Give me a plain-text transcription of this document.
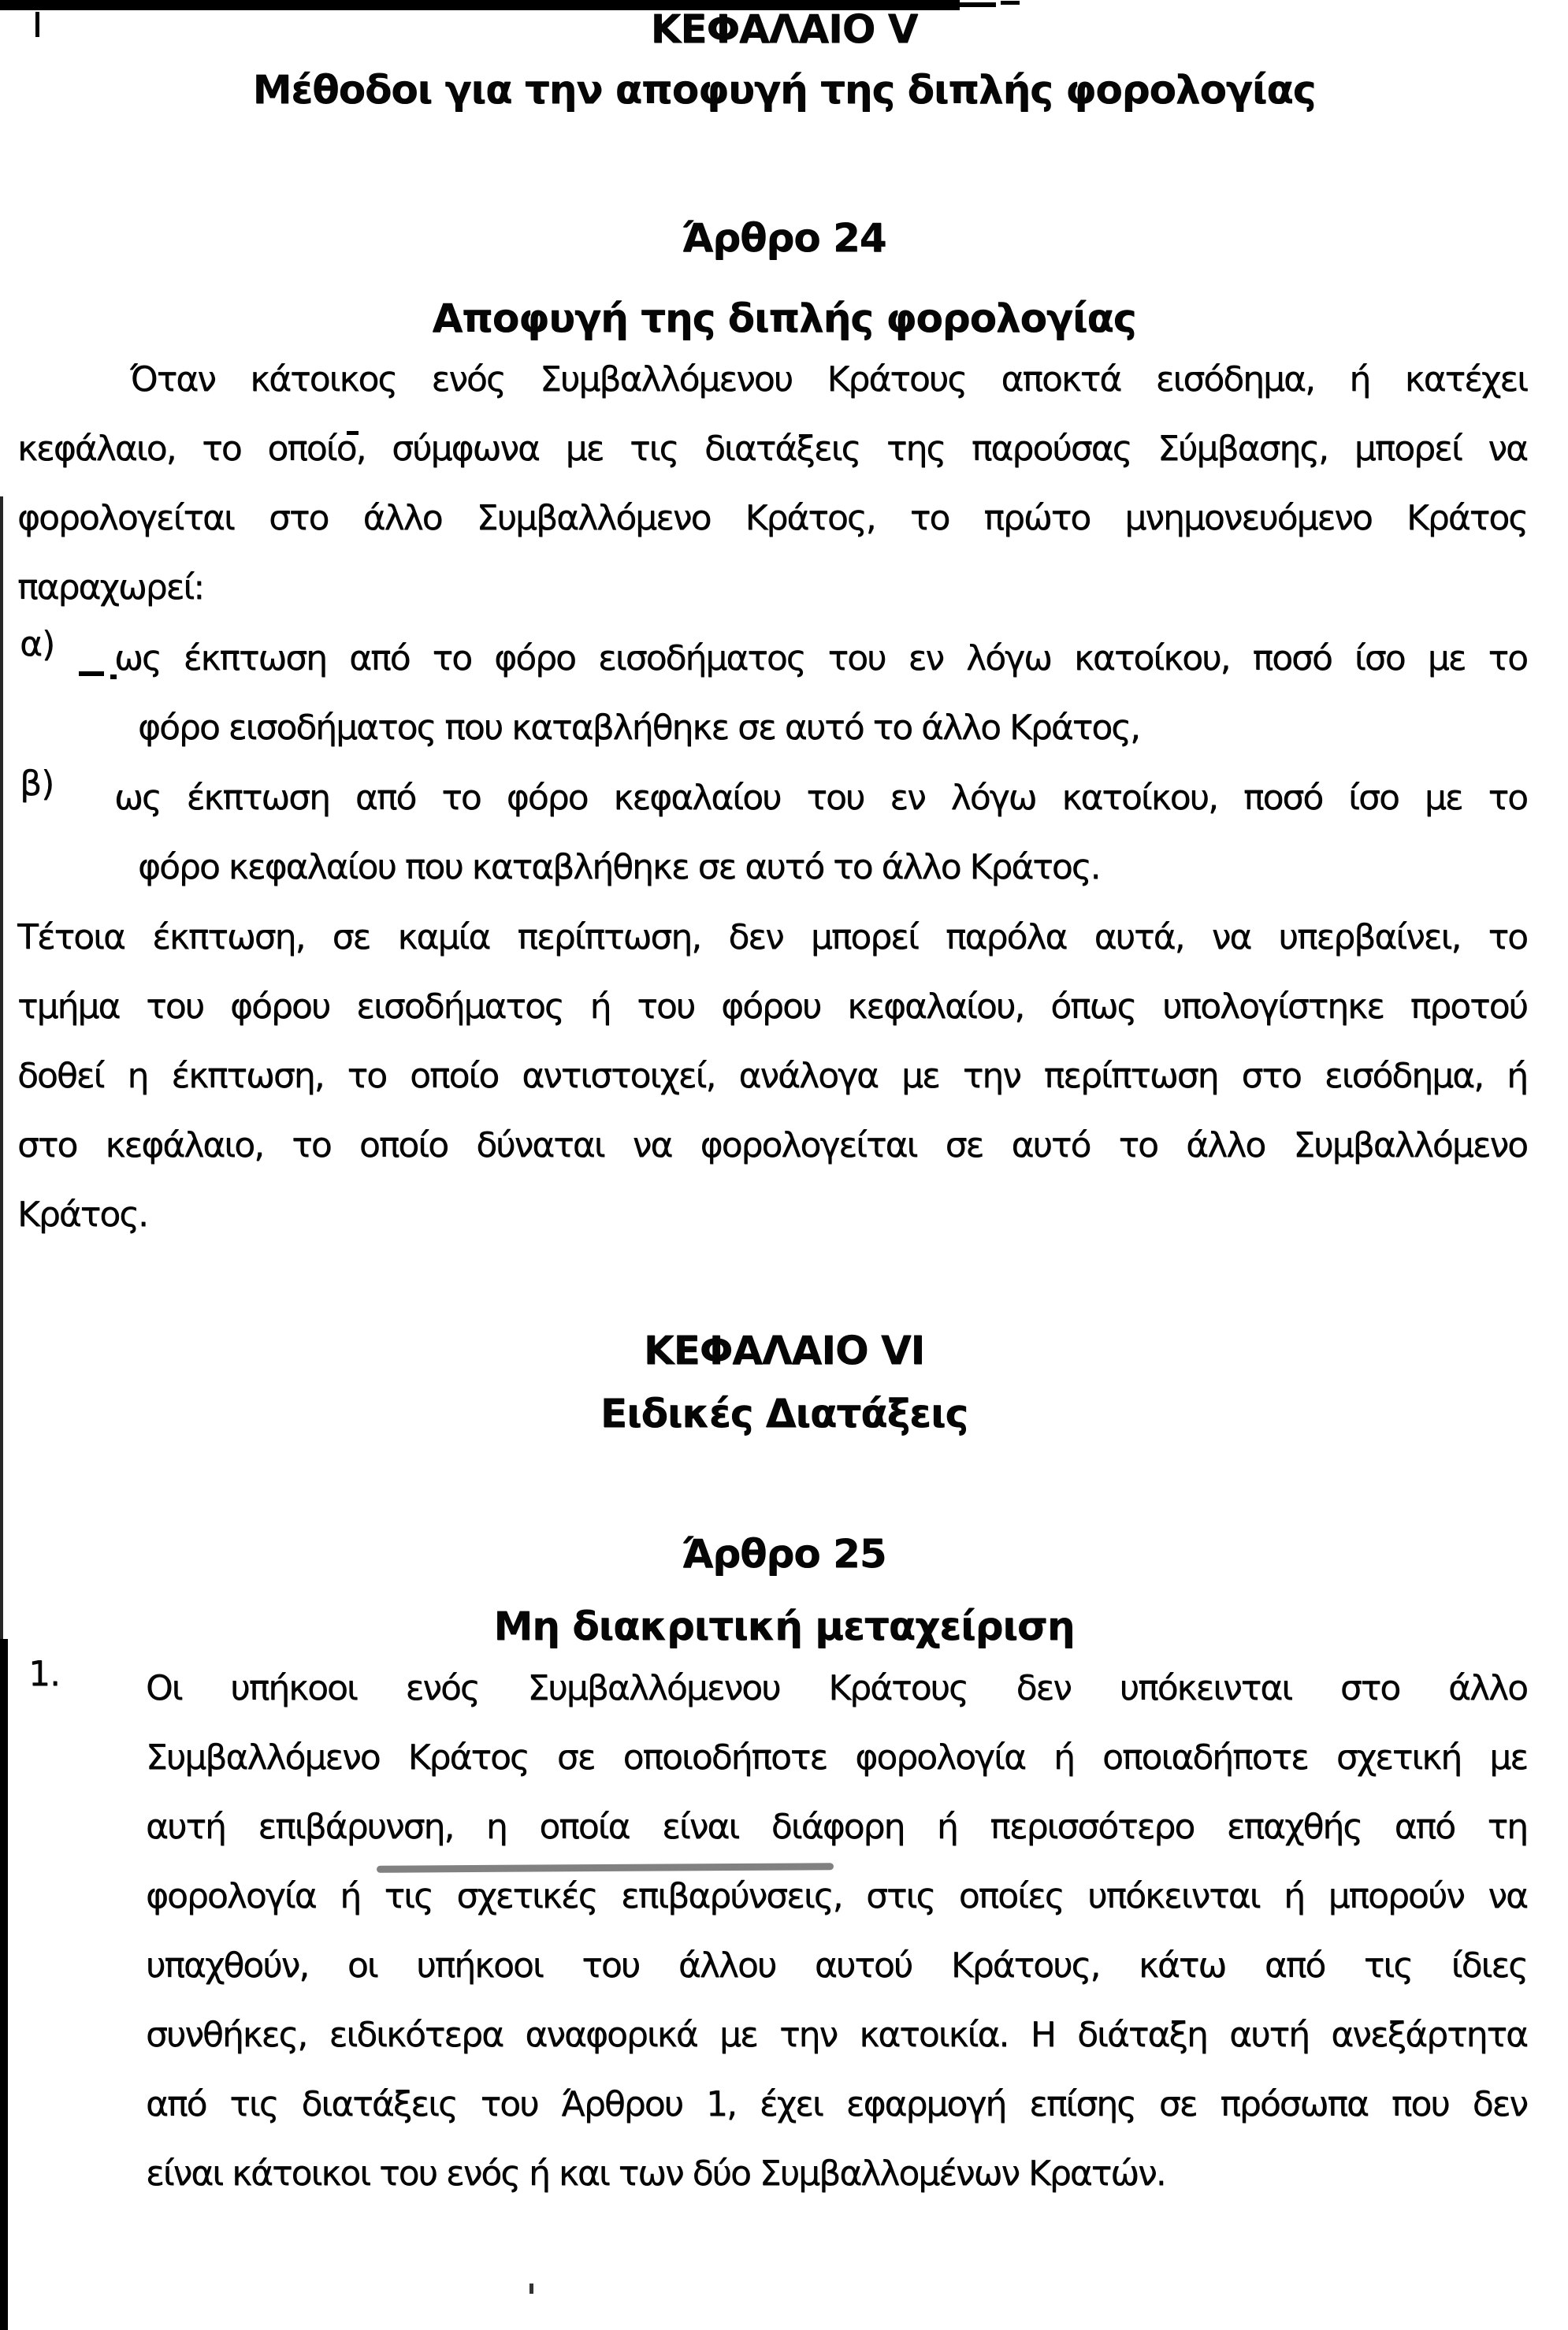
ΚΕΦΑΛΑΙΟ V
Μέθοδοι για την αποφυγή της διπλής φορολογίας
Άρθρο 24
Αποφυγή της διπλής φορολογίας
Όταν κάτοικος ενός Συμβαλλόμενου Κράτους αποκτά εισόδημα, ή κατέχει
κεφάλαιο, το οποίο, σύμφωνα με τις διατάξεις της παρούσας Σύμβασης, μπορεί να
φορολογείται στο άλλο Συμβαλλόμενο Κράτος, το πρώτο μνημονευόμενο Κράτος
παραχωρεί:
α)	ως έκπτωση από το φόρο εισοδήματος του εν λόγω κατοίκου, ποσό ίσο με το
φόρο εισοδήματος που καταβλήθηκε σε αυτό το άλλο Κράτος,
β)	ως έκπτωση από το φόρο κεφαλαίου του εν λόγω κατοίκου, ποσό ίσο με το
φόρο κεφαλαίου που καταβλήθηκε σε αυτό το άλλο Κράτος.
Τέτοια έκπτωση, σε καμία περίπτωση, δεν μπορεί παρόλα αυτά, να υπερβαίνει, το
τμήμα του φόρου εισοδήματος ή του φόρου κεφαλαίου, όπως υπολογίστηκε προτού
δοθεί η έκπτωση, το οποίο αντιστοιχεί, ανάλογα με την περίπτωση στο εισόδημα, ή
στο κεφάλαιο, το οποίο δύναται να φορολογείται σε αυτό το άλλο Συμβαλλόμενο
Κράτος.
ΚΕΦΑΛΑΙΟ VI
Ειδικές Διατάξεις
Άρθρο 25
Μη διακριτική μεταχείριση
1.	Οι υπήκοοι ενός Συμβαλλόμενου Κράτους δεν υπόκεινται στο άλλο
Συμβαλλόμενο Κράτος σε οποιοδήποτε φορολογία ή οποιαδήποτε σχετική με
αυτή επιβάρυνση, η οποία είναι διάφορη ή περισσότερο επαχθής από τη
φορολογία ή τις σχετικές επιβαρύνσεις, στις οποίες υπόκεινται ή μπορούν να
υπαχθούν, οι υπήκοοι του άλλου αυτού Κράτους, κάτω από τις ίδιες
συνθήκες, ειδικότερα αναφορικά με την κατοικία. Η διάταξη αυτή ανεξάρτητα
από τις διατάξεις του Άρθρου 1, έχει εφαρμογή επίσης σε πρόσωπα που δεν
είναι κάτοικοι του ενός ή και των δύο Συμβαλλομένων Κρατών.
